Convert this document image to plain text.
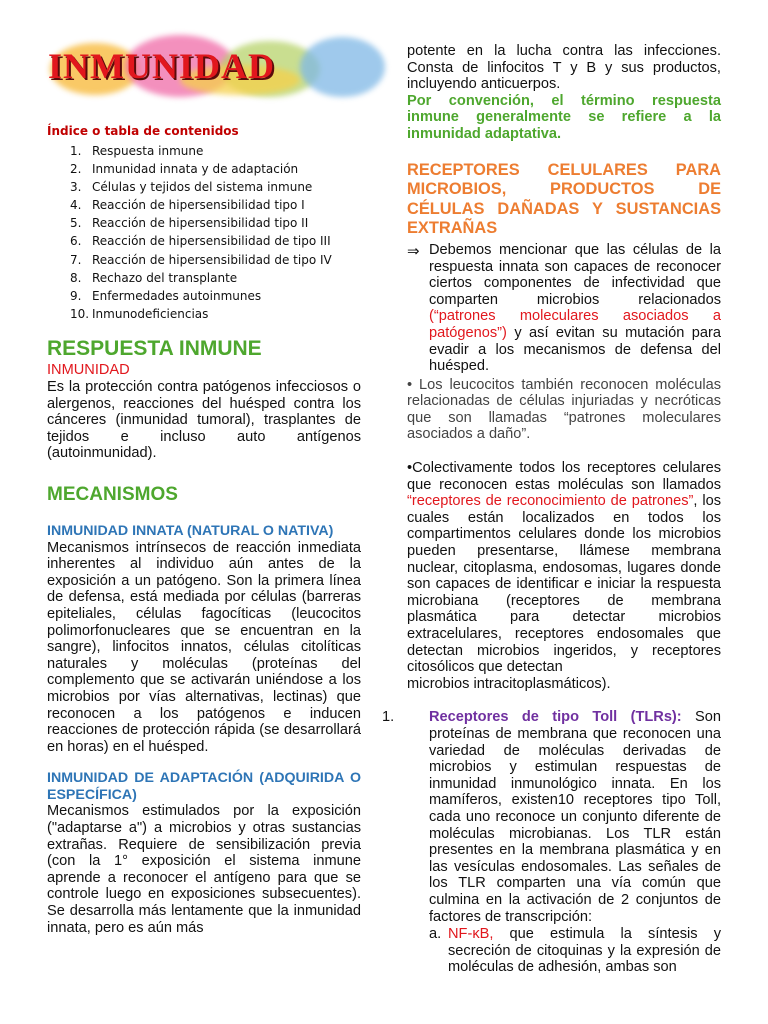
INMUNIDAD
Índice o tabla de contenidos
1. Respuesta inmune
2. Inmunidad innata y de adaptación
3. Células y tejidos del sistema inmune
4. Reacción de hipersensibilidad tipo I
5. Reacción de hipersensibilidad tipo II
6. Reacción de hipersensibilidad de tipo III
7. Reacción de hipersensibilidad de tipo IV
8. Rechazo del transplante
9. Enfermedades autoinmunes
10. Inmunodeficiencias
RESPUESTA INMUNE
INMUNIDAD

Es la protección contra patógenos infecciosos o alergenos, reacciones del huésped contra los cánceres (inmunidad tumoral), trasplantes de tejidos e incluso auto antígenos (autoinmunidad).

MECANISMOS

INMUNIDAD INNATA (NATURAL O NATIVA)

Mecanismos intrínsecos de reacción inmediata inherentes al individuo aún antes de la exposición a un patógeno. Son la primera línea de defensa, está mediada por células (barreras epiteliales, células fagocíticas (leucocitos polimorfonucleares que se encuentran en la sangre), linfocitos innatos, células citolíticas naturales y moléculas (proteínas del complemento que se activarán uniéndose a los microbios por vías alternativas, lectinas) que reconocen a los patógenos e inducen reacciones de protección rápida (se desarrollará en horas) en el huésped.

INMUNIDAD DE ADAPTACIÓN (ADQUIRIDA O ESPECÍFICA)

Mecanismos estimulados por la exposición ("adaptarse a") a microbios y otras sustancias extrañas. Requiere de sensibilización previa (con la 1° exposición el sistema inmune aprende a reconocer el antígeno para que se controle luego en exposiciones subsecuentes). Se desarrolla más lentamente que la inmunidad innata, pero es aún más

potente en la lucha contra las infecciones. Consta de linfocitos T y B y sus productos, incluyendo anticuerpos.

Por convención, el término respuesta inmune generalmente se refiere a la inmunidad adaptativa.

RECEPTORES CELULARES PARA MICROBIOS, PRODUCTOS DE CÉLULAS DAÑADAS Y SUSTANCIAS EXTRAÑAS

⇒ Debemos mencionar que las células de la respuesta innata son capaces de reconocer ciertos componentes de infectividad que comparten microbios relacionados (“patrones moleculares asociados a patógenos”) y así evitan su mutación para evadir a los mecanismos de defensa del huésped.

• Los leucocitos también reconocen moléculas relacionadas de células injuriadas y necróticas que son llamadas “patrones moleculares asociados a daño”.

•Colectivamente todos los receptores celulares que reconocen estas moléculas son llamados “receptores de reconocimiento de patrones”, los cuales están localizados en todos los compartimentos celulares donde los microbios pueden presentarse, llámese membrana nuclear, citoplasma, endosomas, lugares donde son capaces de identificar e iniciar la respuesta microbiana (receptores de membrana plasmática para detectar microbios extracelulares, receptores endosomales que detectan microbios ingeridos, y receptores citosólicos que detectan

microbios intracitoplasmáticos).

1. Receptores de tipo Toll (TLRs): Son proteínas de membrana que reconocen una variedad de moléculas derivadas de microbios y estimulan respuestas de inmunidad inmunológico innata. En los mamíferos, existen10 receptores tipo Toll, cada uno reconoce un conjunto diferente de moléculas microbianas. Los TLR están presentes en la membrana plasmática y en las vesículas endosomales. Las señales de los TLR comparten una vía común que culmina en la activación de 2 conjuntos de factores de transcripción:

a. NF-κB, que estimula la síntesis y secreción de citoquinas y la expresión de moléculas de adhesión, ambas son
